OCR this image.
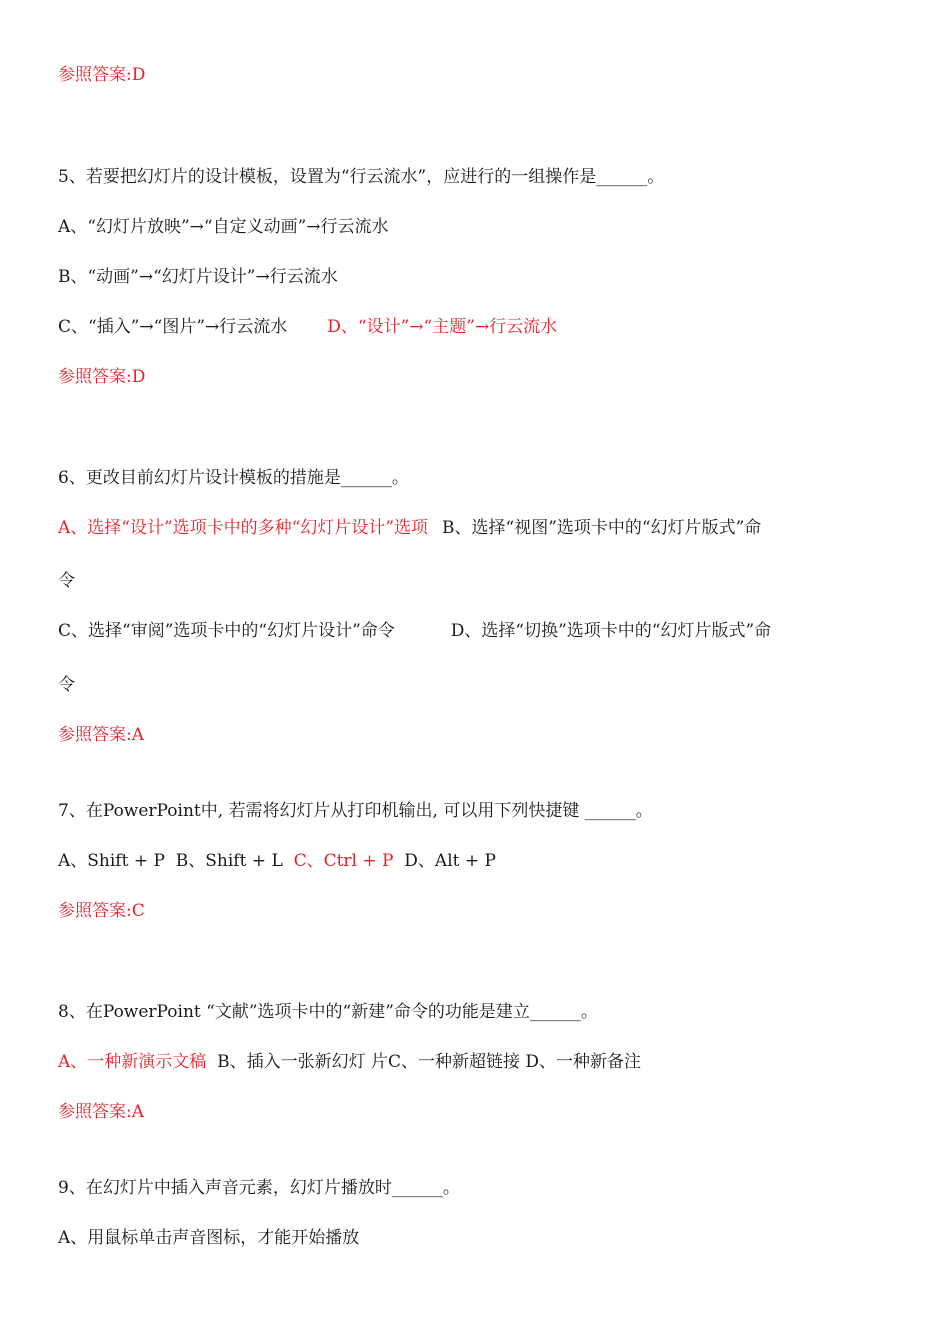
参照答案:D
5、若要把幻灯片的设计模板，设置为“行云流水”，应进行的一组操作是______。
A、“幻灯片放映”→“自定义动画”→行云流水
B、“动画”→“幻灯片设计”→行云流水
C、“插入”→“图片”→行云流水 D、“设计”→“主题”→行云流水
参照答案:D
6、更改目前幻灯片设计模板的措施是______。
A、选择“设计”选项卡中的多种“幻灯片设计”选项 B、选择“视图”选项卡中的“幻灯片版式”命
令
C、选择“审阅”选项卡中的“幻灯片设计”命令	D、选择“切换”选项卡中的“幻灯片版式”命
令
参照答案:A
7、在PowerPoint中, 若需将幻灯片从打印机输出, 可以用下列快捷键 ______。
A、Shift + P B、Shift + L C、Ctrl + P D、Alt + P
参照答案:C
8、在PowerPoint “文献”选项卡中的“新建”命令的功能是建立______。
A、一种新演示文稿 B、插入一张新幻灯 片C、一种新超链接 D、一种新备注
参照答案:A
9、在幻灯片中插入声音元素，幻灯片播放时______。
A、用鼠标单击声音图标，才能开始播放
